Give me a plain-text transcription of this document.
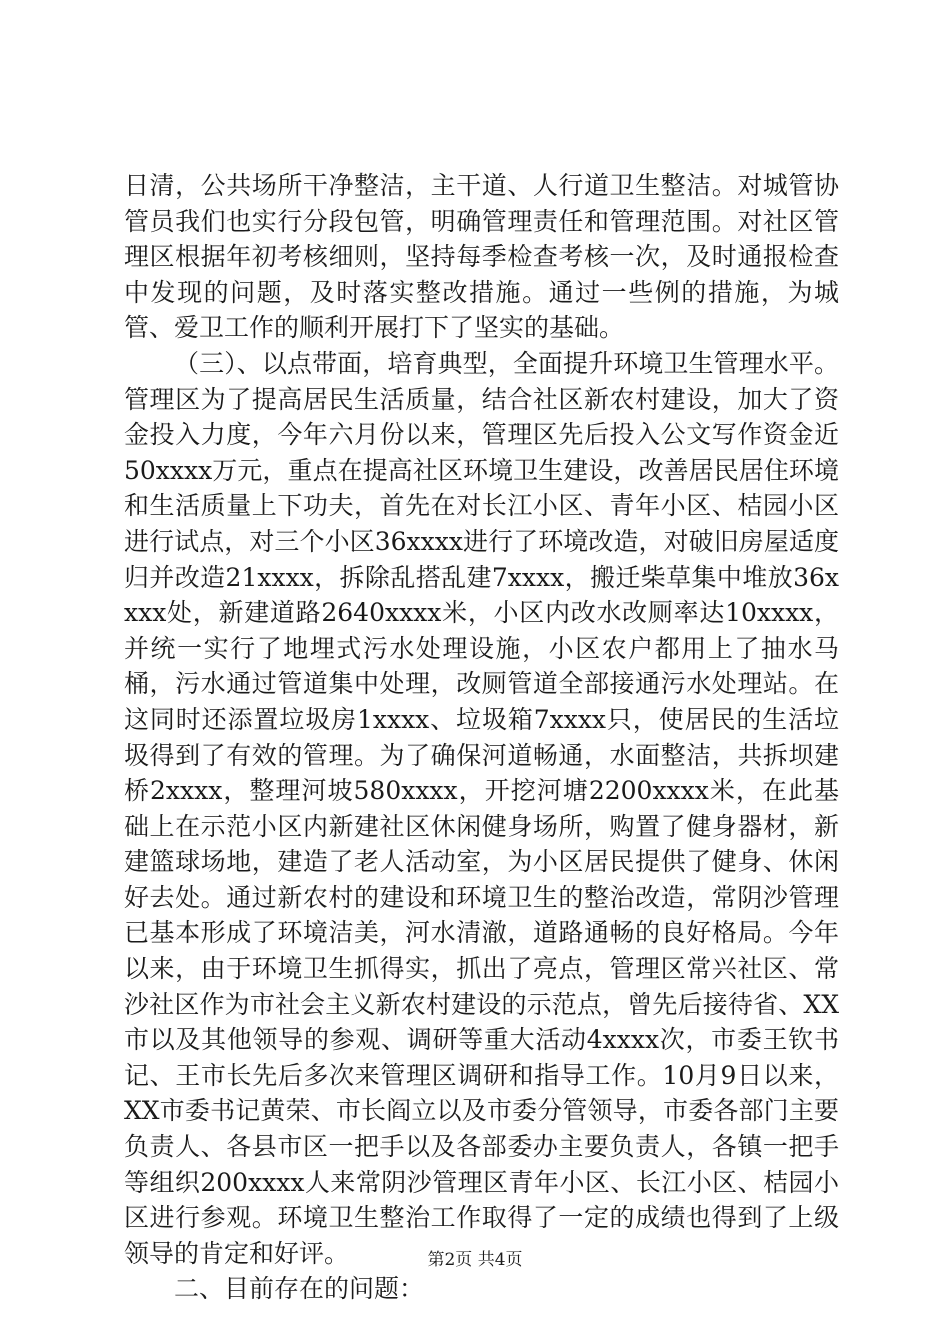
日清，公共场所干净整洁，主干道、人行道卫生整洁。对城管协管员我们也实行分段包管，明确管理责任和管理范围。对社区管理区根据年初考核细则，坚持每季检查考核一次，及时通报检查中发现的问题，及时落实整改措施。通过一些例的措施，为城管、爱卫工作的顺利开展打下了坚实的基础。

（三）、以点带面，培育典型，全面提升环境卫生管理水平。管理区为了提高居民生活质量，结合社区新农村建设，加大了资金投入力度，今年六月份以来，管理区先后投入公文写作资金近50xxxx万元，重点在提高社区环境卫生建设，改善居民居住环境和生活质量上下功夫，首先在对长江小区、青年小区、桔园小区进行试点，对三个小区36xxxx进行了环境改造，对破旧房屋适度归并改造21xxxx，拆除乱搭乱建7xxxx，搬迁柴草集中堆放36xxxx处，新建道路2640xxxx米，小区内改水改厕率达10xxxx，并统一实行了地埋式污水处理设施，小区农户都用上了抽水马桶，污水通过管道集中处理，改厕管道全部接通污水处理站。在这同时还添置垃圾房1xxxx、垃圾箱7xxxx只，使居民的生活垃圾得到了有效的管理。为了确保河道畅通，水面整洁，共拆坝建桥2xxxx，整理河坡580xxxx，开挖河塘2200xxxx米，在此基础上在示范小区内新建社区休闲健身场所，购置了健身器材，新建篮球场地，建造了老人活动室，为小区居民提供了健身、休闲好去处。通过新农村的建设和环境卫生的整治改造，常阴沙管理已基本形成了环境洁美，河水清澈，道路通畅的良好格局。今年以来，由于环境卫生抓得实，抓出了亮点，管理区常兴社区、常沙社区作为市社会主义新农村建设的示范点，曾先后接待省、XX市以及其他领导的参观、调研等重大活动4xxxx次，市委王钦书记、王市长先后多次来管理区调研和指导工作。10月9日以来，XX市委书记黄荣、市长阎立以及市委分管领导，市委各部门主要负责人、各县市区一把手以及各部委办主要负责人，各镇一把手等组织200xxxx人来常阴沙管理区青年小区、长江小区、桔园小区进行参观。环境卫生整治工作取得了一定的成绩也得到了上级领导的肯定和好评。

二、目前存在的问题：

第2页 共4页
